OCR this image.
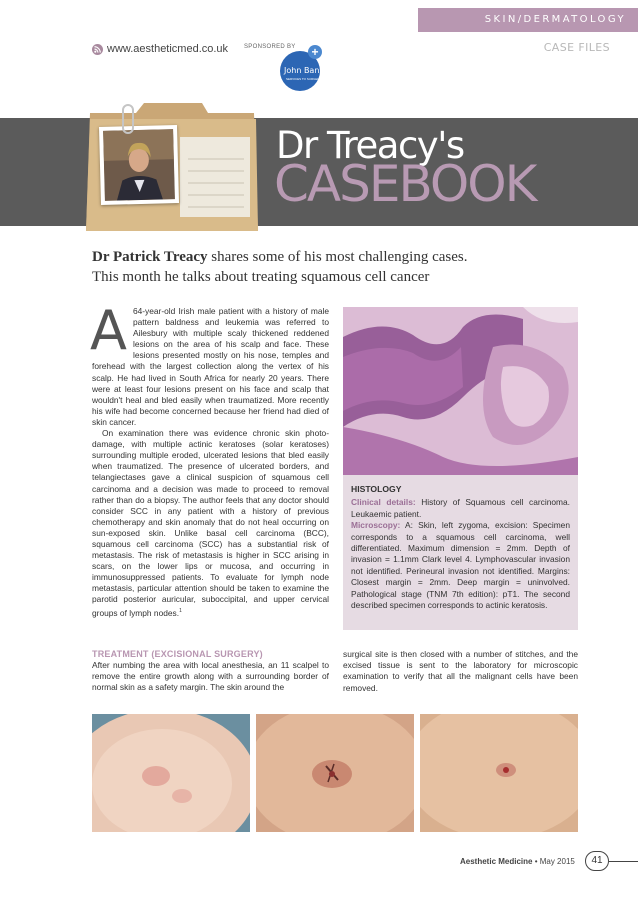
SKIN/DERMATOLOGY
www.aestheticmed.co.uk	SPONSORED BY +
John Bannon
SERVICES TO SURGERY
CASE FILES
Dr Treacy's
CASEBOOK
Dr Patrick Treacy shares some of his most challenging cases. This month he talks about treating squamous cell cancer
A 64-year-old Irish male patient with a history of male pattern baldness and leukemia was referred to Ailesbury with multiple scaly thickened reddened lesions on the area of his scalp and face. These lesions presented mostly on his nose, temples and forehead with the largest collection along the vertex of his scalp. He had lived in South Africa for nearly 20 years. There were at least four lesions present on his face and scalp that wouldn't heal and bled easily when traumatized. More recently his wife had become concerned because her friend had died of skin cancer.

On examination there was evidence chronic skin photo-damage, with multiple actinic keratoses (solar keratoses) surrounding multiple eroded, ulcerated lesions that bled easily when traumatized. The presence of ulcerated borders, and telangiectases gave a clinical suspicion of squamous cell carcinoma and a decision was made to proceed to removal rather than do a biopsy. The author feels that any doctor should consider SCC in any patient with a history of previous chemotherapy and skin anomaly that do not heal occurring on sun-exposed skin. Unlike basal cell carcinoma (BCC), squamous cell carcinoma (SCC) has a substantial risk of metastasis. The risk of metastasis is higher in SCC arising in scars, on the lower lips or mucosa, and occurring in immunosuppressed patients. To evaluate for lymph node metastasis, particular attention should be taken to examine the parotid posterior auricular, suboccipital, and upper cervical groups of lymph nodes.$^1$

HISTOLOGY

Clinical details: History of Squamous cell carcinoma. Leukaemic patient.

Microscopy: A: Skin, left zygoma, excision: Specimen corresponds to a squamous cell carcinoma, well differentiated. Maximum dimension = 2mm. Depth of invasion = 1.1mm Clark level 4. Lymphovascular invasion not identified. Perineural invasion not identified. Margins: Closest margin = 2mm. Deep margin = uninvolved. Pathological stage (TNM 7th edition): pT1. The second described specimen corresponds to actinic keratosis.

TREATMENT (EXCISIONAL SURGERY)
After numbing the area with local anesthesia, an 11 scalpel to remove the entire growth along with a surrounding border of normal skin as a safety margin. The skin around the
surgical site is then closed with a number of stitches, and the excised tissue is sent to the laboratory for microscopic examination to verify that all the malignant cells have been removed.
Aesthetic Medicine • May 2015	41
